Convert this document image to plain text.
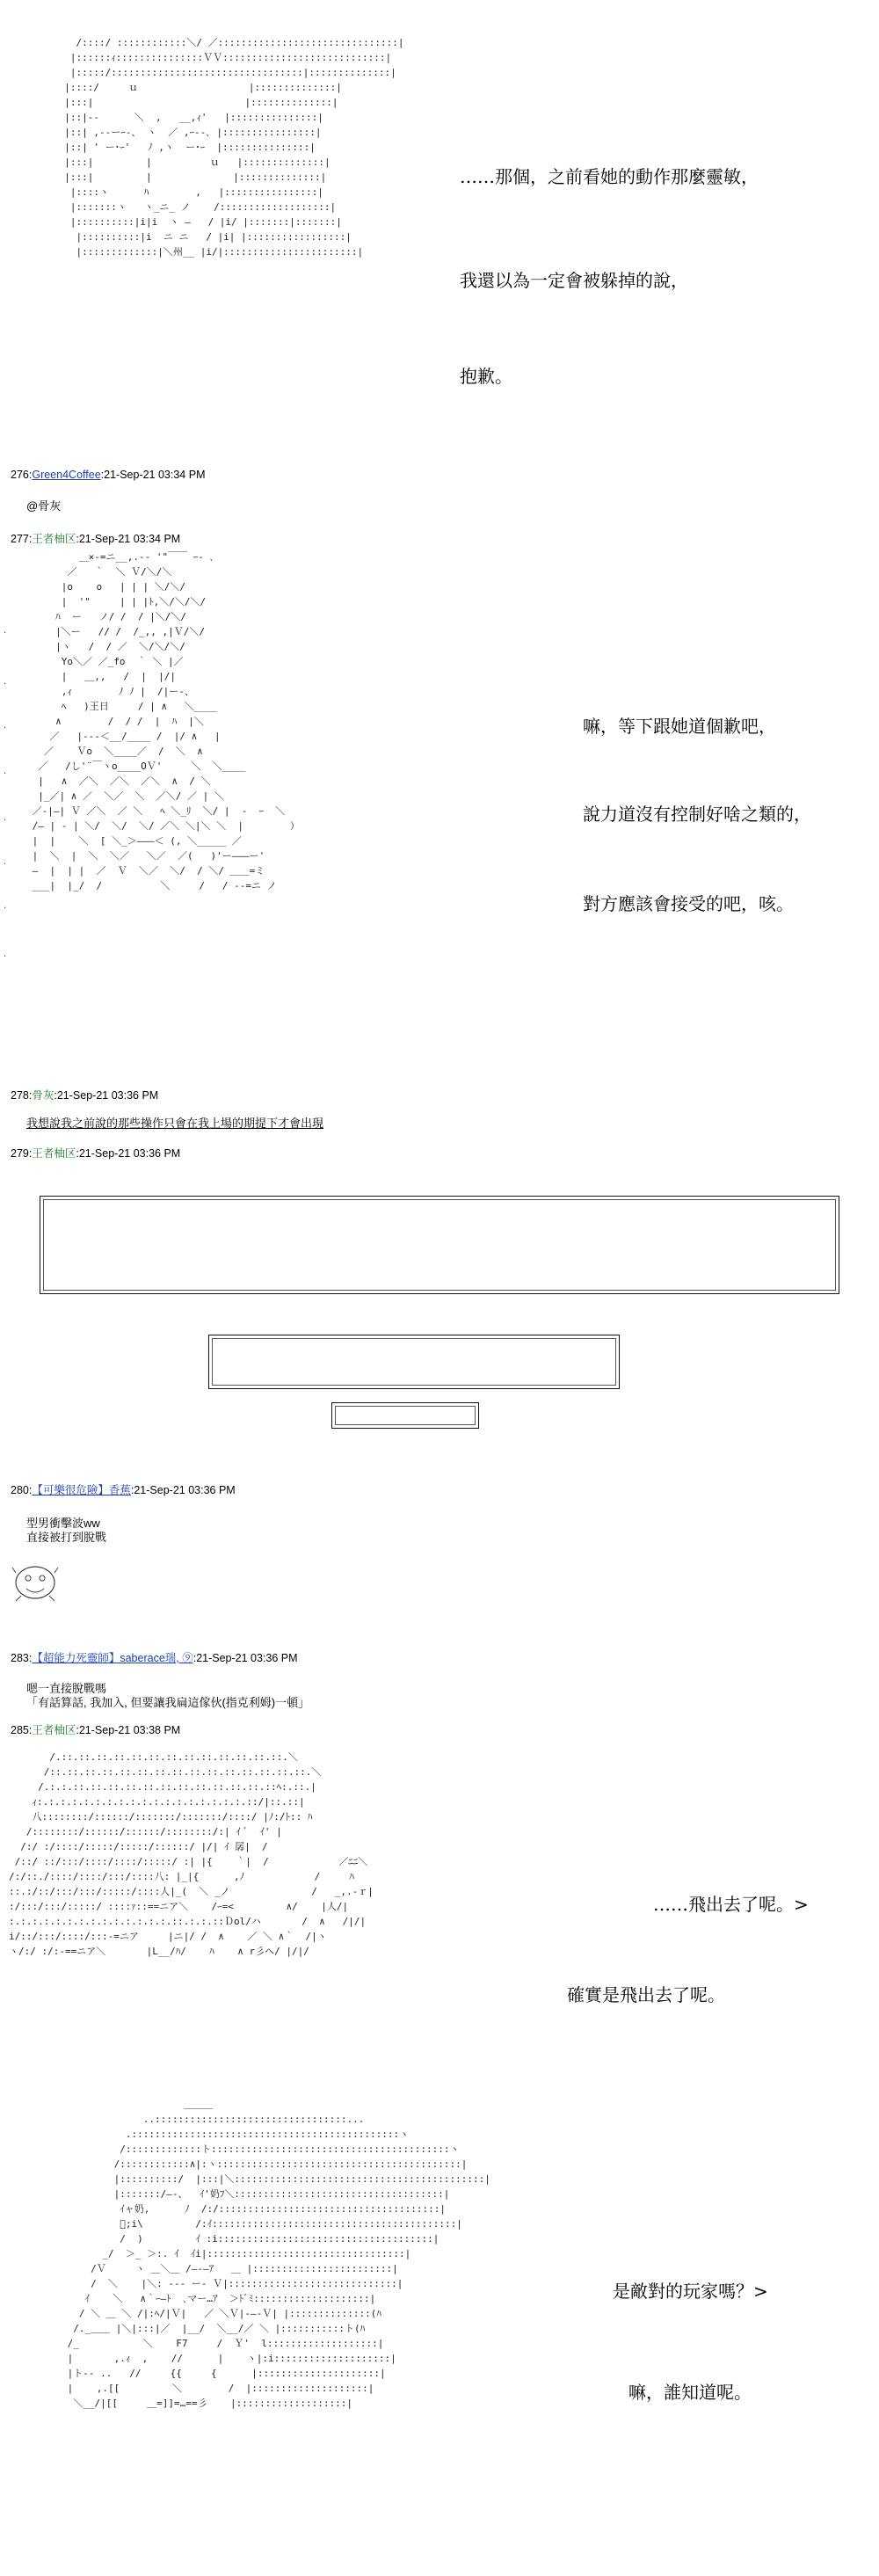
/::::/ ::::::::::::＼/ ／:::::::::::::::::::::::::::::::|
|::::::ｨ:::::::::::::::ＶＶ::::::::::::::::::::::::::::|
|:::::/:::::::::::::::::::::::::::::::::|::::::::::::::|
|::::/     ｕ                   |::::::::::::::|
|:::|                          |::::::::::::::|
|::|‐-      ＼  ,   __,ｨ'   |:::::::::::::::|
|::| ,--ーｰ‐、 ヽ  ／ ,ｰ--､ |::::::::::::::::|
|::| ' ー･ｰ'   ﾉ ,ヽ  ー･ｰ  |:::::::::::::::|
|:::|         |          ｕ   |::::::::::::::|
|:::|         |              |::::::::::::::|
|::::ヽ      ﾊ        ,   |::::::::::::::::|
|:::::::ヽ   ヽ_ニ_ ノ    /:::::::::::::::::::|
|::::::::::|i|i  ヽ ―   / |i/ |:::::::|:::::::|
|::::::::::|i  ニ ニ   / |i| |:::::::::::::::::|
|:::::::::::::|＼州__ |i/|:::::::::::::::::::::::|
……那個，之前看她的動作那麼靈敏，
我還以為一定會被躲掉的說，
抱歉。
276:Green4Coffee:21-Sep-21 03:34 PM
@骨灰
277:王者柚区:21-Sep-21 03:34 PM
＿×‐=ニ__,.-‐ '"￣￣ ｰ- ､
／   ｀  ＼ Ｖ/＼/＼
|o    o   | | | ＼/＼/
|  '"     | | |ﾄ,＼/＼/＼/
ﾊ  ー   ノ/ /  / |＼/＼/
|＼ー   // /  /_,, ,|Ｖ/＼/
|ヽ   /  / ／  ＼/＼/＼/
Yo＼／ ／_fo  ｀ ＼ |／
|   ＿,,   /  |  |/|
,ｨ        ﾉ ﾉ |  /|ー-、
ﾍ   )王日     / | ∧   ＼____
∧        /  / /  |  ﾊ  |＼
／   |‐‐-＜__/____ /  |/ ∧   |
／    Ｖo  ＼____／  /  ＼  ∧
／   /し'¨￣ヽo____OＶ'     ＼  ＼____
|   ∧  ／＼  ／＼  ／＼  ∧  / ＼
|_／| ∧ ／  ＼／  ＼  ／＼/ ／ | ＼
／-|―| Ｖ ／＼  ／ ＼   ﾍ ＼_ﾘ  ＼/ |  ‐  ｰ  ＼
/― | - | ＼/  ＼/  ＼/ ／＼ ＼|＼ ＼  |        ）
|  |    ＼  [ ＼_＞―――＜ (, ＼_____ ／
|  ＼  |  ＼  ＼／   ＼／  ／(   )'ー―――ー'
―  |  | |  ／  Ｖ  ＼／  ＼/  / ＼/ ＿＿=ミ
___|  |_/  /          ＼     /   / ‐‐=ニ ノ
.
.
.
.
.
.
.
.
嘛，等下跟她道個歉吧，
說力道沒有控制好啥之類的，
對方應該會接受的吧，咳。
278:骨灰:21-Sep-21 03:36 PM
我想說我之前說的那些操作只會在我上場的期提下才會出現
279:王者柚区:21-Sep-21 03:36 PM
280:【可樂很危險】香蕉:21-Sep-21 03:36 PM
型男衝擊波ww
直接被打到脫戰
283:【超能力死靈師】saberace瑞, ⑨:21-Sep-21 03:36 PM
嗯一直接脫戰嗎
「有話算話, 我加入, 但要讓我扁這傢伙(指克利姆)一頓」
285:王者柚区:21-Sep-21 03:38 PM
/.::.::.::.::.::.::.::.::.::.::.::.::.::.＼
/::.::.::.::.::.::.::.::.::.::.::.::.::.::.::.＼
/.:.:.::.::.::.::.::.::.::.::.::.::.::.::ﾍ:.::.|
ｨ:.:.:.:.:.:.:.:.:.:.:.:.:.:.:.:.:.:.::/|::.::|
八::::::::/::::::/:::::::/:::::::/::::/ |ﾉ:/ﾄ:: ﾊ
/::::::::/::::::/::::::/::::::::/:| ｲ ﾞ  ｲ' |
/:/ :/::::/:::::/:::::/::::::/ |/| ｲ 孱|  /
/::/ ::/:::/::::/::::/:::::/ :| |{    ｀|  /            ／ﾆﾆ＼
/:/::./::::/::::/:::/::::八: |_|{      ,ﾉ            /     ﾊ
::.:/::/:::/:::/:::::/::::人|_(  ＼ _ノ              /   _,.-ｒ|
:/:::/:::/:::::/ ::::ｧ::==ニア＼    /ｰ=<         ∧/    |人/|
:.:.:.:.:.:.:.:.:.:.:.:.:.:.::.:.:.::Ｄol/ハ       /  ∧   /|/|
i/::/:::/::::/:::-=ニア     |ニ|/ /  ∧    ／ ＼ ∧｀  /|ヽ
ヽ/:/ :/:-==ニア＼       |L__/ﾊ/    ﾊ    ∧ r彡ヘ/ |/|/
……飛出去了呢。>
確實是飛出去了呢。
＿＿＿
..:::::::::::::::::::::::::::::::::...
.::::::::::::::::::::::::::::::::::::::::::::::ヽ
/:::::::::::::ト:::::::::::::::::::::::::::::::::::::::::ヽ
/::::::::::::∧|:ヽ::::::::::::::::::::::::::::::::::::::::::|
|::::::::::/  |:::|＼:::::::::::::::::::::::::::::::::::::::::::|
|:::::::/―-、  ｲ'奶ﾌ＼::::::::::::::::::::::::::::::::::::|
ｲャ奶,      ﾉ  /:/::::::::::::::::::::::::::::::::::::::|
ﾞ;i\         /:ｲ::::::::::::::::::::::::::::::::::::::::::|
/  )         ｲ :i:::::::::::::::::::::::::::::::::::::|
_/  ＞_ ＞:. ｲ  ｲi|::::::::::::::::::::::::::::::::::|
/Ｖ     ヽ ＿＼＿ /―‐―ｱ   ＿ |::::::::::::::::::::::::|
/  ＼    |＼: ‐-- ー‐ Ｖ|:::::::::::::::::::::::::::::|
ｲ    ＼   ∧｀ｰ―ﾄ  ､マー…ｱ  ＞ﾄﾞﾐ::::::::::::::::::::|
/ ＼ ＿ ＼ /|:ﾍ/|Ｖ|   ／ ＼Ｖ|‐―‐Ｖ| |::::::::::::::(ﾊ
/._＿＿ |＼|:::|／  |__/  ＼__/／ ＼ |:::::::::::ト(ﾊ
/_           ＼    F7     /  Ｙ'  l:::::::::::::::::::|
|       ,.ｨ  ,    //      |    ヽ|:i::::::::::::::::::::|
|ト‐- ..   //     {{     {      |:::::::::::::::::::::|
|    ,.[[         ＼        /  |::::::::::::::::::::|
＼__/|[[     ＿=]]=…==彡    |:::::::::::::::::::|
是敵對的玩家嗎？>
嘛，誰知道呢。
